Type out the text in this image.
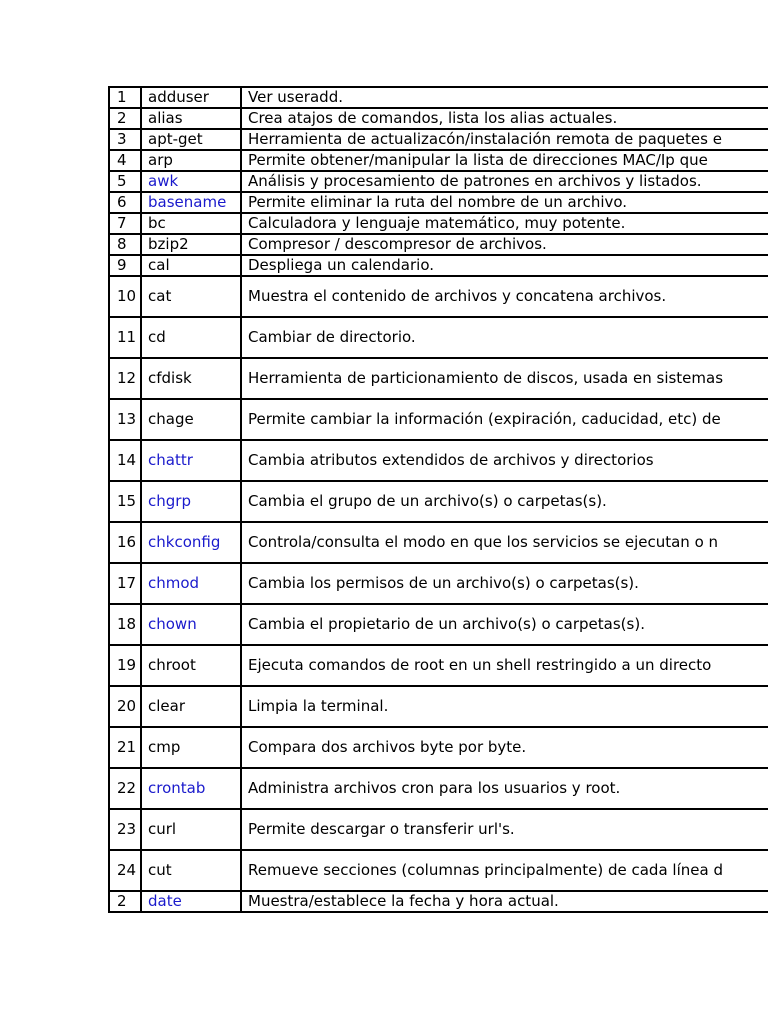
1	adduser	Ver useradd.
2	alias	Crea atajos de comandos, lista los alias actuales.
3	apt-get	Herramienta de actualizacón/instalación remota de paquetes e
4	arp	Permite obtener/manipular la lista de direcciones MAC/Ip que
5	awk	Análisis y procesamiento de patrones en archivos y listados.
6	basename	Permite eliminar la ruta del nombre de un archivo.
7	bc	Calculadora y lenguaje matemático, muy potente.
8	bzip2	Compresor / descompresor de archivos.
9	cal	Despliega un calendario.
10	cat	Muestra el contenido de archivos y concatena archivos.
11	cd	Cambiar de directorio.
12	cfdisk	Herramienta de particionamiento de discos, usada en sistemas
13	chage	Permite cambiar la información (expiración, caducidad, etc) de
14	chattr	Cambia atributos extendidos de archivos y directorios
15	chgrp	Cambia el grupo de un archivo(s) o carpetas(s).
16	chkconfig	Controla/consulta el modo en que los servicios se ejecutan o n
17	chmod	Cambia los permisos de un archivo(s) o carpetas(s).
18	chown	Cambia el propietario de un archivo(s) o carpetas(s).
19	chroot	Ejecuta comandos de root en un shell restringido a un directo
20	clear	Limpia la terminal.
21	cmp	Compara dos archivos byte por byte.
22	crontab	Administra archivos cron para los usuarios y root.
23	curl	Permite descargar o transferir url's.
24	cut	Remueve secciones (columnas principalmente) de cada línea d
2	date	Muestra/establece la fecha y hora actual.
